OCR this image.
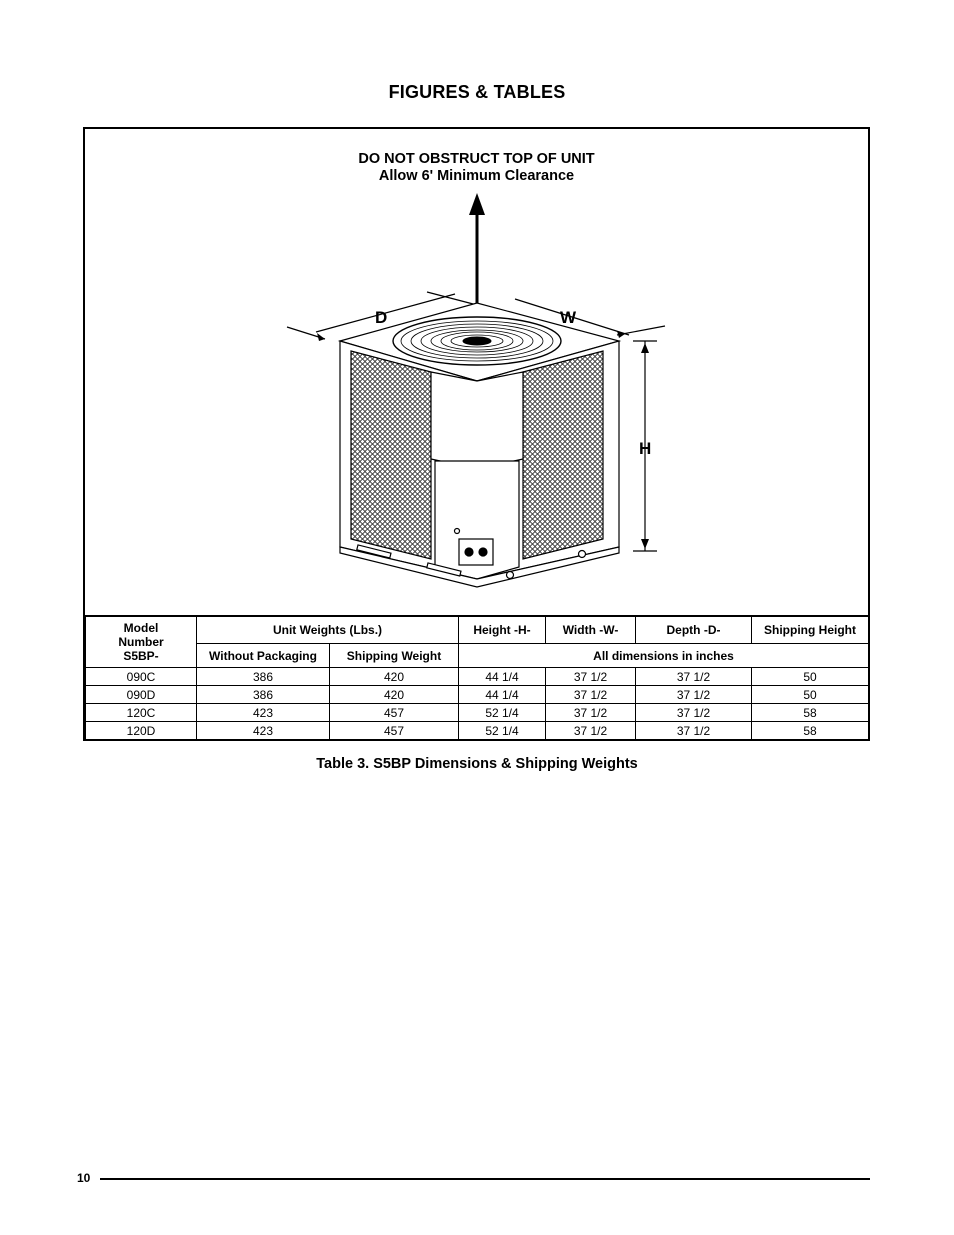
FIGURES & TABLES
DO NOT OBSTRUCT TOP OF UNIT
Allow 6' Minimum Clearance
D	W
H
Model
Number
S5BP-	Unit Weights (Lbs.)		Height -H-	Width -W-	Depth -D-	Shipping Height
	Without Packaging	Shipping Weight	All dimensions in inches			
090C	386	420	44 1/4	37 1/2	37 1/2	50
090D	386	420	44 1/4	37 1/2	37 1/2	50
120C	423	457	52 1/4	37 1/2	37 1/2	58
120D	423	457	52 1/4	37 1/2	37 1/2	58
Table 3. S5BP Dimensions & Shipping Weights
10
